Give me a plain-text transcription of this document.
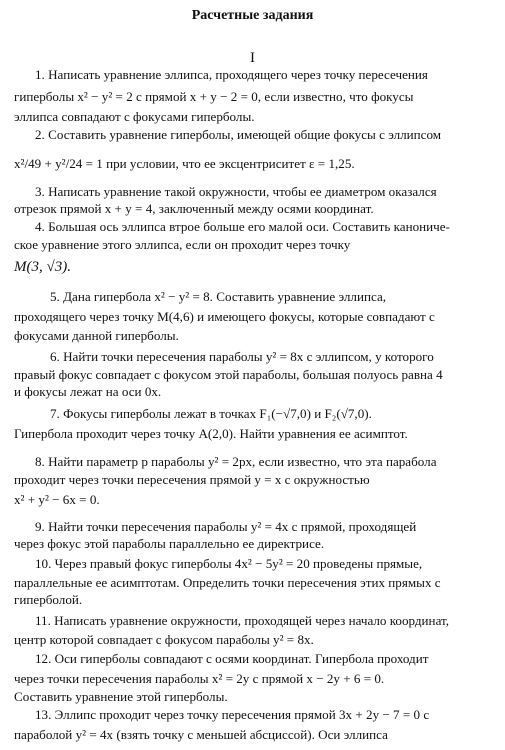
Расчетные задания
I
1. Написать уравнение эллипса, проходящего через точку пересечения
гиперболы x² − y² = 2 с прямой x + y − 2 = 0, если известно, что фокусы
эллипса совпадают с фокусами гиперболы.
2. Составить уравнение гиперболы, имеющей общие фокусы с эллипсом
x²/49 + y²/24 = 1 при условии, что ее эксцентриситет ε = 1,25.
3. Написать уравнение такой окружности, чтобы ее диаметром оказался
отрезок прямой x + y = 4, заключенный между осями координат.
4. Большая ось эллипса втрое больше его малой оси. Составить канониче-
ское уравнение этого эллипса, если он проходит через точку
M(3, √3).
5. Дана гипербола x² − y² = 8. Составить уравнение эллипса,
проходящего через точку M(4,6) и имеющего фокусы, которые совпадают с
фокусами данной гиперболы.
6. Найти точки пересечения параболы y² = 8x с эллипсом, у которого
правый фокус совпадает с фокусом этой параболы, большая полуось равна 4
и фокусы лежат на оси 0x.
7. Фокусы гиперболы лежат в точках F₁(−√7,0) и F₂(√7,0).
Гипербола проходит через точку A(2,0). Найти уравнения ее асимптот.
8. Найти параметр p параболы y² = 2px, если известно, что эта парабола
проходит через точки пересечения прямой y = x с окружностью
x² + y² − 6x = 0.
9. Найти точки пересечения параболы y² = 4x с прямой, проходящей
через фокус этой параболы параллельно ее директрисе.
10. Через правый фокус гиперболы 4x² − 5y² = 20 проведены прямые,
параллельные ее асимптотам. Определить точки пересечения этих прямых с
гиперболой.
11. Написать уравнение окружности, проходящей через начало координат,
центр которой совпадает с фокусом параболы y² = 8x.
12. Оси гиперболы совпадают с осями координат. Гипербола проходит
через точки пересечения параболы x² = 2y с прямой x − 2y + 6 = 0.
Составить уравнение этой гиперболы.
13. Эллипс проходит через точку пересечения прямой 3x + 2y − 7 = 0 с
параболой y² = 4x (взять точку с меньшей абсциссой). Оси эллипса
